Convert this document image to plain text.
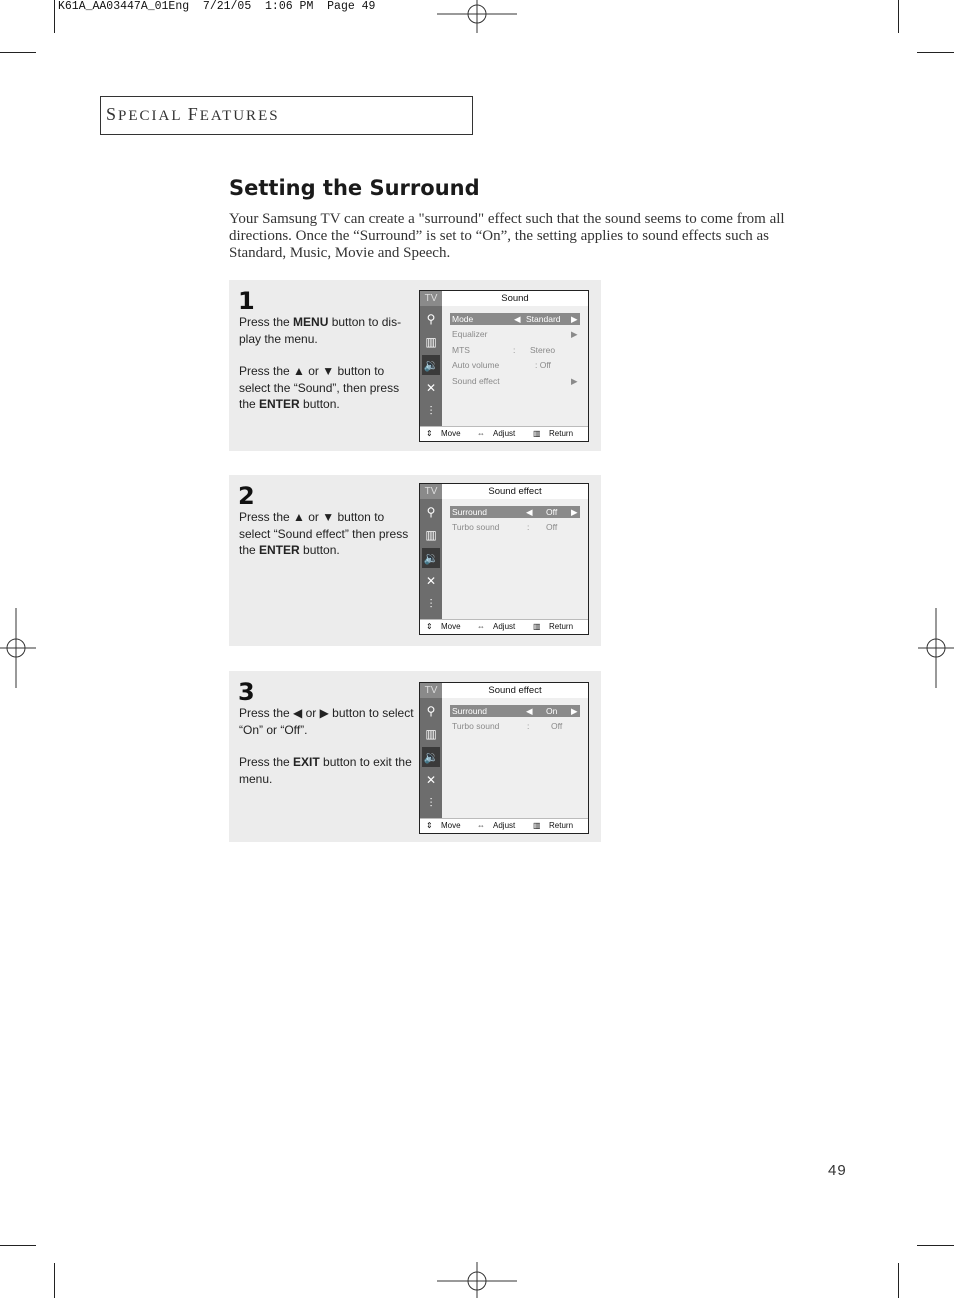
K61A_AA03447A_01Eng  7/21/05  1:06 PM  Page 49
SPECIAL FEATURES
Setting the Surround
Your Samsung TV can create a "surround" effect such that the sound seems to come from all directions. Once the “Surround” is set to “On”, the setting applies to sound effects such as Standard, Music, Movie and Speech.
1

Press the MENU button to dis-play the menu.

Press the ▲ or ▼ button to select the “Sound”, then press the ENTER button.

TV
⚲
▥
🔉
✕
⫶
Sound
Mode	◀ Standard ▶
Equalizer	▶
MTS	: Stereo
Auto volume	: Off
Sound effect	▶
⇕ Move ⇔ Adjust ▥ Return
2

Press the ▲ or ▼ button to select “Sound effect” then press the ENTER button.

TV
⚲
▥
🔉
✕
⫶
Sound effect
Surround	◀ Off ▶
Turbo sound	: Off
⇕ Move ⇔ Adjust ▥ Return
3

Press the ◀ or ▶ button to select “On” or “Off”.

Press the EXIT button to exit the menu.

TV
⚲
▥
🔉
✕
⫶
Sound effect
Surround	◀ On ▶
Turbo sound	:	Off
⇕ Move ⇔ Adjust ▥ Return
49
